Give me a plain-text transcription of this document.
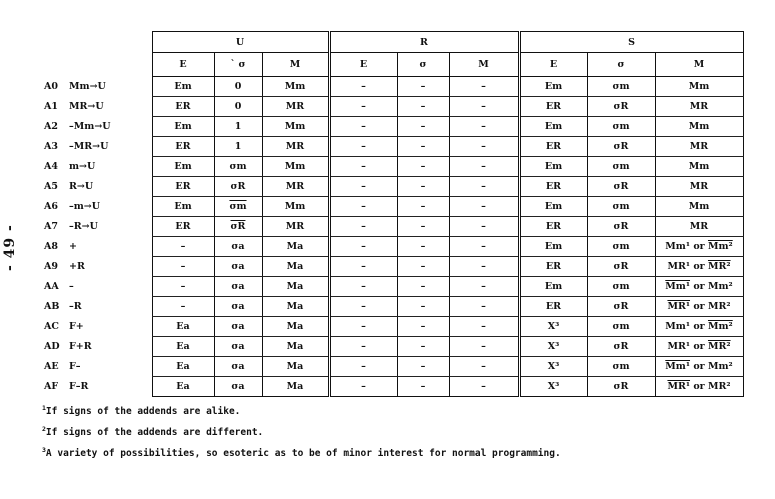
- 49 -
	U			R			S		
	E	` σ	M	E	σ	M	E	σ	M
A0 Mm→U	Em	0	Mm	–	–	–	Em	σm	Mm
A1 MR→U	ER	0	MR	–	–	–	ER	σR	MR
A2 –Mm→U	Em	1	Mm	–	–	–	Em	σm	Mm
A3 –MR→U	ER	1	MR	–	–	–	ER	σR	MR
A4 m→U	Em	σm	Mm	–	–	–	Em	σm	Mm
A5 R→U	ER	σR	MR	–	–	–	ER	σR	MR
A6 –m→U	Em	$\overline{\sigma m}$	Mm	–	–	–	Em	σm	Mm
A7 –R→U	ER	$\overline{\sigma R}$	MR	–	–	–	ER	σR	MR
A8 +	–	σa	Ma	–	–	–	Em	σm	Mm¹ or Mm²
A9 +R	–	σa	Ma	–	–	–	ER	σR	MR¹ or MR²
AA –	–	σa	Ma	–	–	–	Em	σm	Mm¹ or Mm²
AB –R	–	σa	Ma	–	–	–	ER	σR	MR¹ or MR²
AC F+	Ea	σa	Ma	–	–	–	X³	σm	Mm¹ or Mm²
AD F+R	Ea	σa	Ma	–	–	–	X³	σR	MR¹ or MR²
AE F–	Ea	σa	Ma	–	–	–	X³	σm	Mm¹ or Mm²
AF F–R	Ea	σa	Ma	–	–	–	X³	σR	MR¹ or MR²
$^1$If signs of the addends are alike.
$^2$If signs of the addends are different.
$^3$A variety of possibilities, so esoteric as to be of minor interest for normal programming.
